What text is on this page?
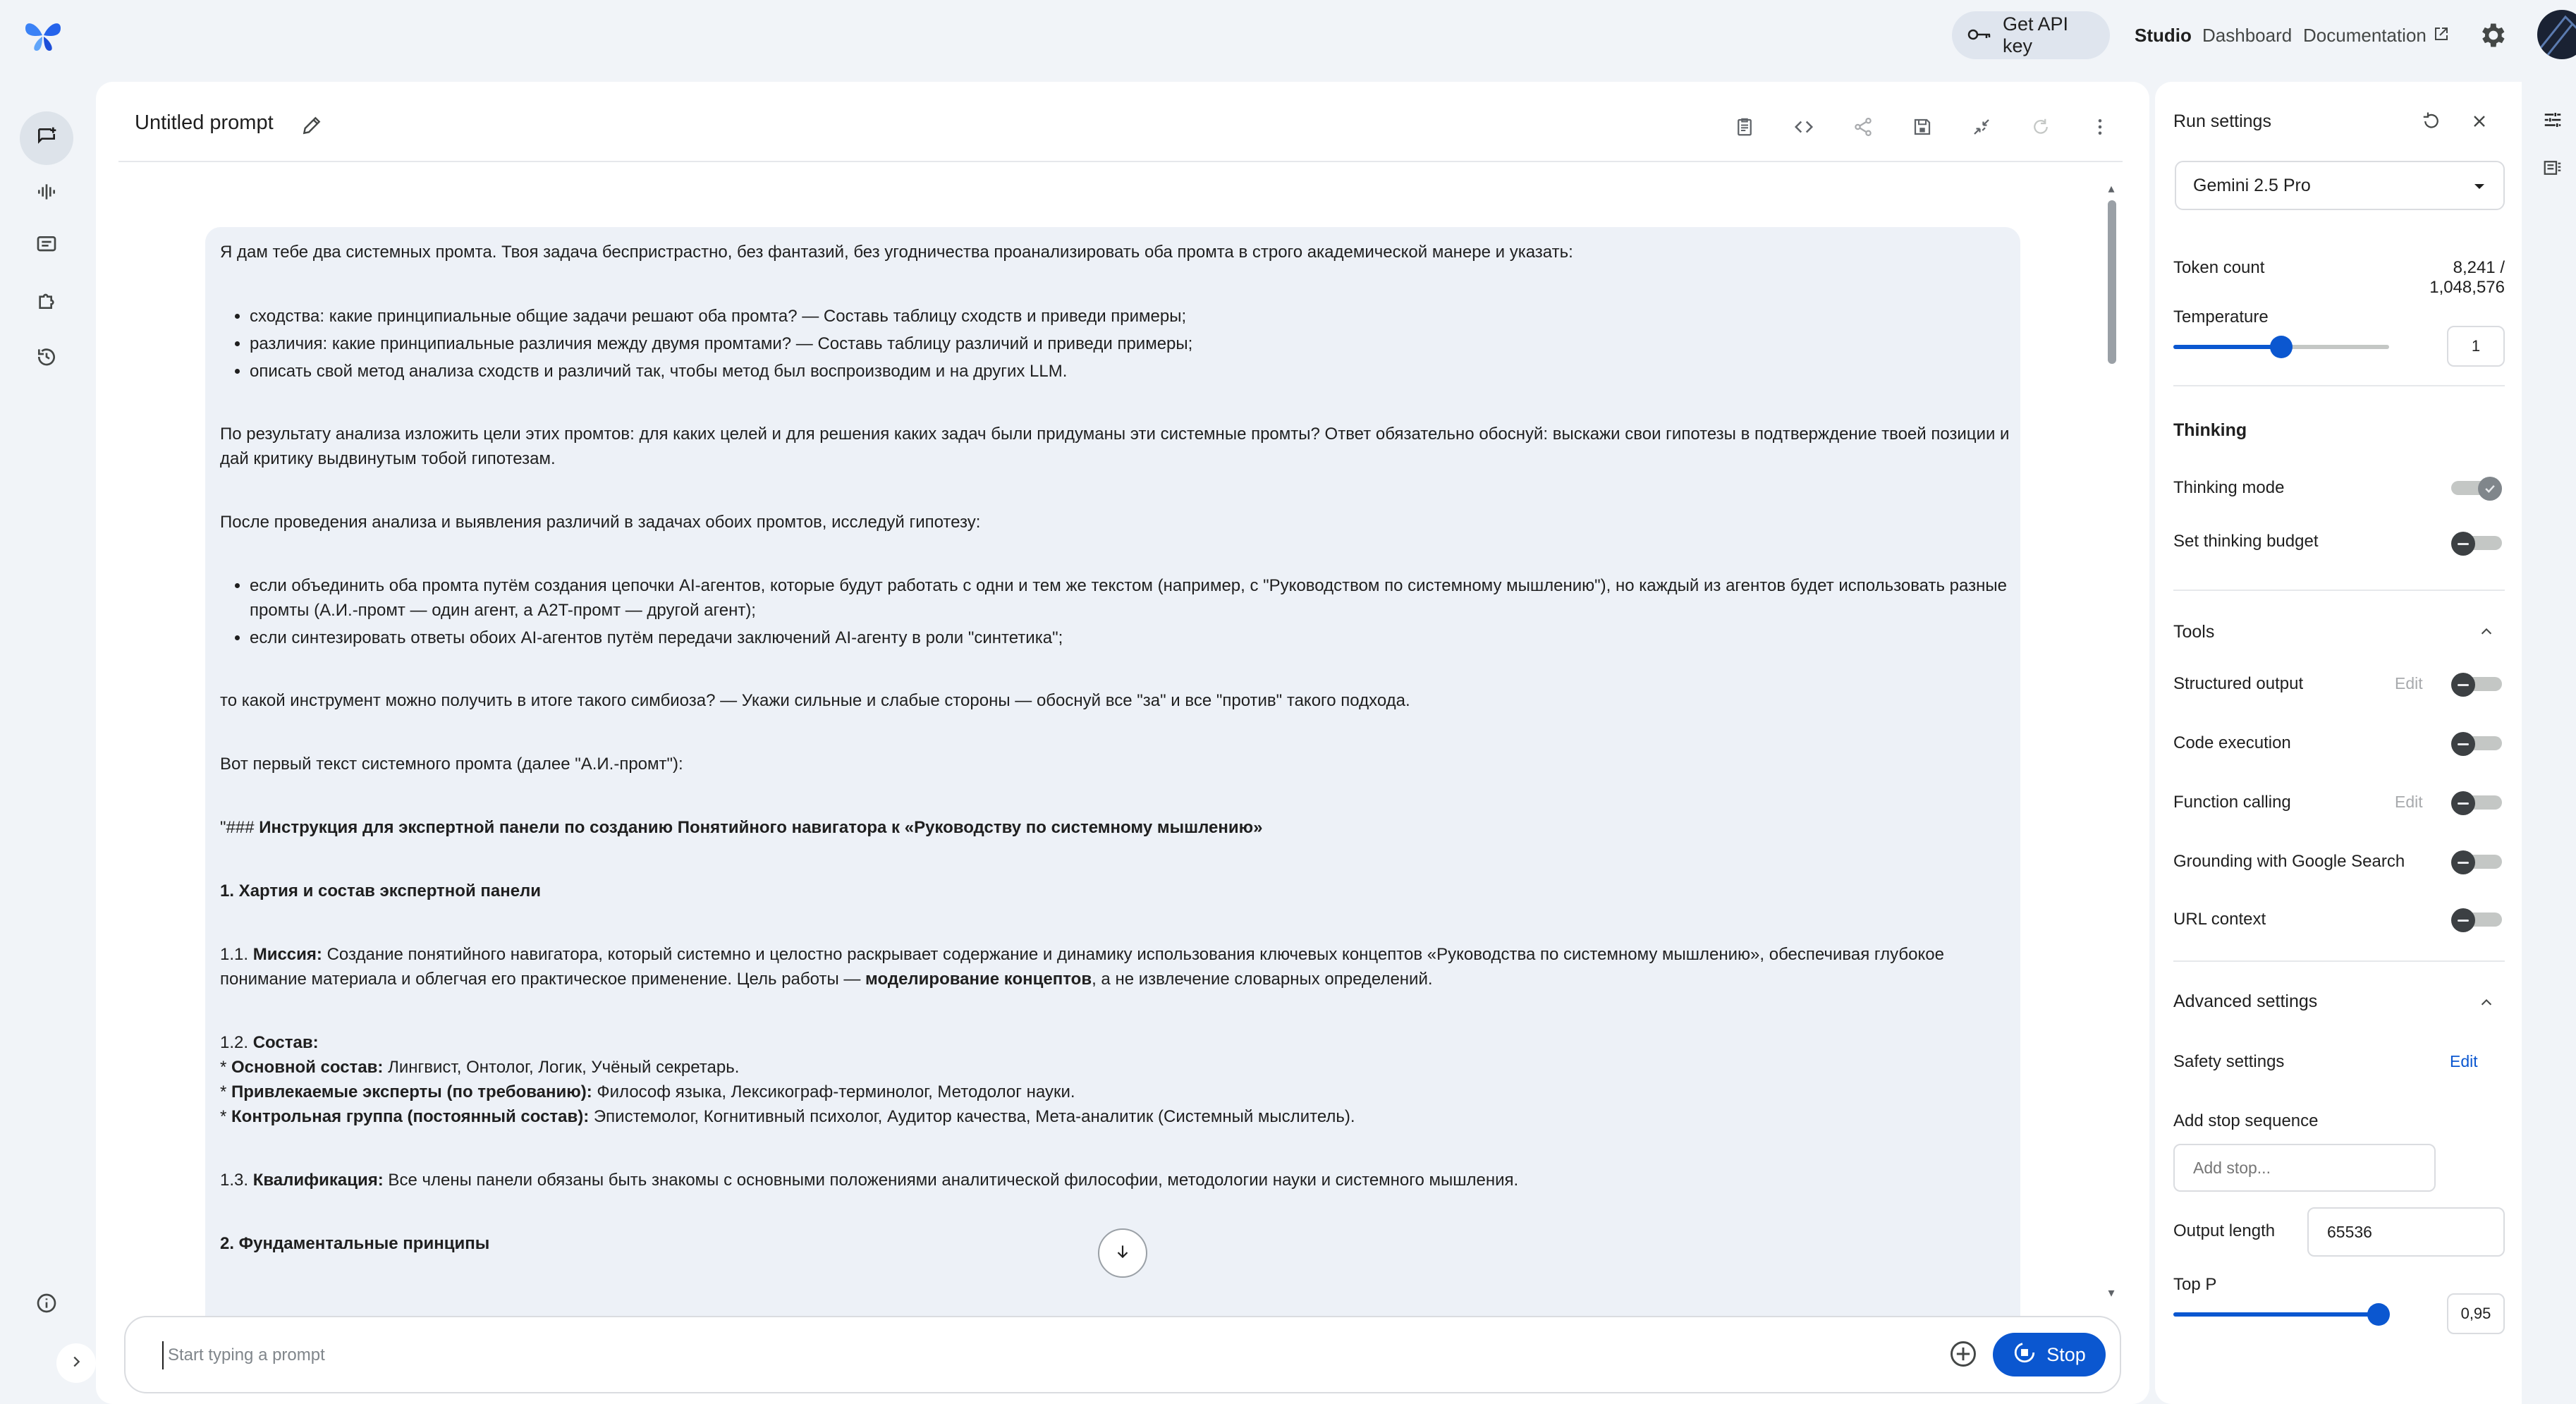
Get API key
Studio Dashboard Documentation
Untitled prompt

Я дам тебе два системных промта. Твоя задача беспристрастно, без фантазий, без угодничества проанализировать оба промта в строго академической манере и указать:

• сходства: какие принципиальные общие задачи решают оба промта? — Составь таблицу сходств и приведи примеры;
• различия: какие принципиальные различия между двумя промтами? — Составь таблицу различий и приведи примеры;
• описать свой метод анализа сходств и различий так, чтобы метод был воспроизводим и на других LLM.

По результату анализа изложить цели этих промтов: для каких целей и для решения каких задач были придуманы эти системные промты? Ответ обязательно обоснуй: выскажи свои гипотезы в подтверждение твоей позиции и дай критику выдвинутым тобой гипотезам.

После проведения анализа и выявления различий в задачах обоих промтов, исследуй гипотезу:

• если объединить оба промта путём создания цепочки AI-агентов, которые будут работать с одни и тем же текстом (например, с "Руководством по системному мышлению"), но каждый из агентов будет использовать разные промты (А.И.-промт — один агент, а A2T-промт — другой агент);
• если синтезировать ответы обоих AI-агентов путём передачи заключений AI-агенту в роли "синтетика";

то какой инструмент можно получить в итоге такого симбиоза? — Укажи сильные и слабые стороны — обоснуй все "за" и все "против" такого подхода.

Вот первый текст системного промта (далее "А.И.-промт"):

"### Инструкция для экспертной панели по созданию Понятийного навигатора к «Руководству по системному мышлению»

1. Хартия и состав экспертной панели

1.1. Миссия: Создание понятийного навигатора, который системно и целостно раскрывает содержание и динамику использования ключевых концептов «Руководства по системному мышлению», обеспечивая глубокое понимание материала и облегчая его практическое применение. Цель работы — моделирование концептов, а не извлечение словарных определений.

1.2. Состав:
* Основной состав: Лингвист, Онтолог, Логик, Учёный секретарь.
* Привлекаемые эксперты (по требованию): Философ языка, Лексикограф-терминолог, Методолог науки.
* Контрольная группа (постоянный состав): Эпистемолог, Когнитивный психолог, Аудитор качества, Мета-аналитик (Системный мыслитель).

1.3. Квалификация: Все члены панели обязаны быть знакомы с основными положениями аналитической философии, методологии науки и системного мышления.

2. Фундаментальные принципы

▴
▾
Start typing a prompt
Stop
Run settings
Gemini 2.5 Pro
Token count	8,241 / 1,048,576
Temperature
1
Thinking
Thinking mode
Set thinking budget
Tools
Structured output	Edit
Code execution
Function calling	Edit
Grounding with Google Search
URL context
Advanced settings
Safety settings	Edit
Add stop sequence
Add stop...
Output length	65536
Top P
0,95
